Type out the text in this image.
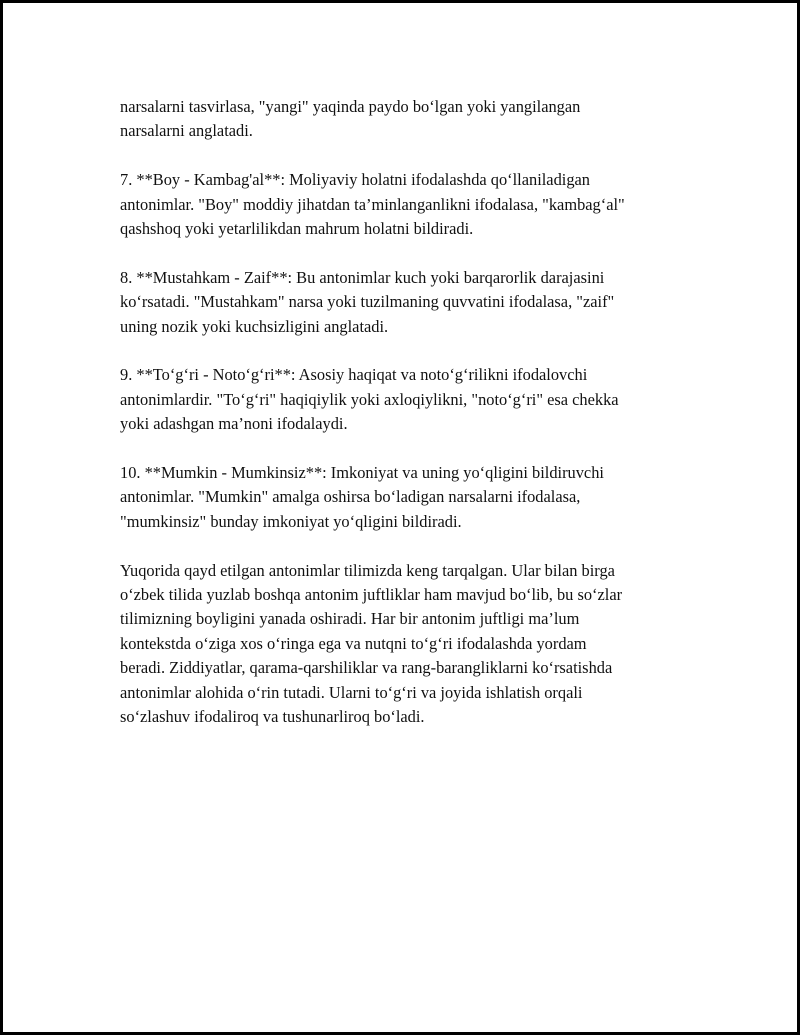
narsalarni tasvirlasa, "yangi" yaqinda paydo bo‘lgan yoki yangilangan
narsalarni anglatadi.

7. **Boy - Kambag'al**: Moliyaviy holatni ifodalashda qo‘llaniladigan
antonimlar. "Boy" moddiy jihatdan ta’minlanganlikni ifodalasa, "kambag‘al"
qashshoq yoki yetarlilikdan mahrum holatni bildiradi.

8. **Mustahkam - Zaif**: Bu antonimlar kuch yoki barqarorlik darajasini
ko‘rsatadi. "Mustahkam" narsa yoki tuzilmaning quvvatini ifodalasa, "zaif"
uning nozik yoki kuchsizligini anglatadi.

9. **To‘g‘ri - Noto‘g‘ri**: Asosiy haqiqat va noto‘g‘rilikni ifodalovchi
antonimlardir. "To‘g‘ri" haqiqiylik yoki axloqiylikni, "noto‘g‘ri" esa chekka
yoki adashgan ma’noni ifodalaydi.

10. **Mumkin - Mumkinsiz**: Imkoniyat va uning yo‘qligini bildiruvchi
antonimlar. "Mumkin" amalga oshirsa bo‘ladigan narsalarni ifodalasa,
"mumkinsiz" bunday imkoniyat yo‘qligini bildiradi.

Yuqorida qayd etilgan antonimlar tilimizda keng tarqalgan. Ular bilan birga
o‘zbek tilida yuzlab boshqa antonim juftliklar ham mavjud bo‘lib, bu so‘zlar
tilimizning boyligini yanada oshiradi. Har bir antonim juftligi ma’lum
kontekstda o‘ziga xos o‘ringa ega va nutqni to‘g‘ri ifodalashda yordam
beradi. Ziddiyatlar, qarama-qarshiliklar va rang-barangliklarni ko‘rsatishda
antonimlar alohida o‘rin tutadi. Ularni to‘g‘ri va joyida ishlatish orqali
so‘zlashuv ifodaliroq va tushunarliroq bo‘ladi.
